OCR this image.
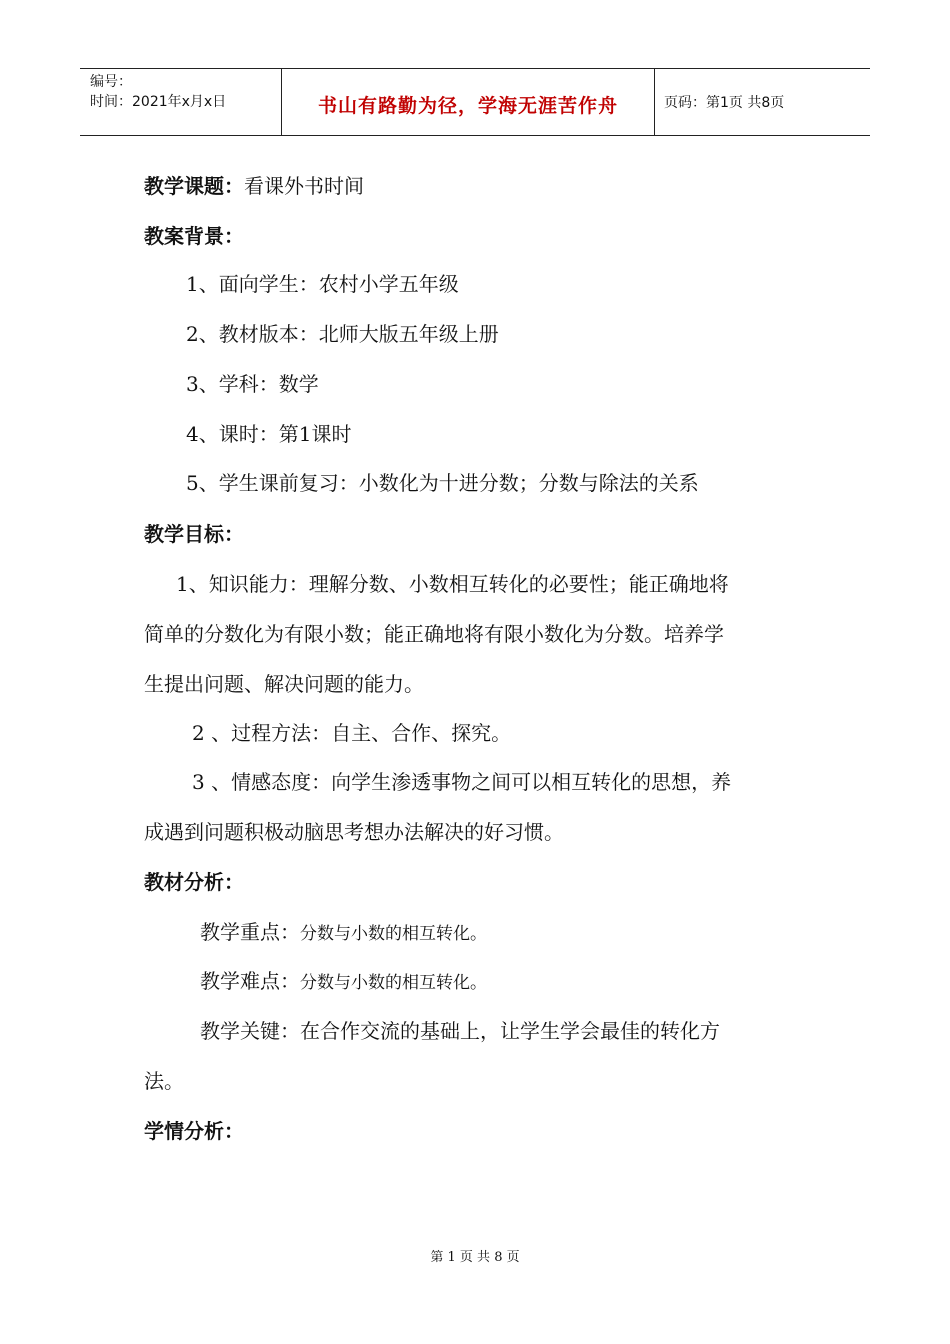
编号：
时间：2021年x月x日	书山有路勤为径，学海无涯苦作舟	页码：第1页 共8页
教学课题：看课外书时间
教案背景：
1、面向学生：农村小学五年级
2、教材版本：北师大版五年级上册
3、学科：数学
4、课时：第1课时
5、学生课前复习：小数化为十进分数；分数与除法的关系
教学目标：
1、知识能力：理解分数、小数相互转化的必要性；能正确地将
简单的分数化为有限小数；能正确地将有限小数化为分数。培养学
生提出问题、解决问题的能力。
2 、过程方法：自主、合作、探究。
3 、情感态度：向学生渗透事物之间可以相互转化的思想，养
成遇到问题积极动脑思考想办法解决的好习惯。
教材分析：
教学重点：分数与小数的相互转化。
教学难点：分数与小数的相互转化。
教学关键：在合作交流的基础上，让学生学会最佳的转化方
法。
学情分析：
第 1 页 共 8 页
